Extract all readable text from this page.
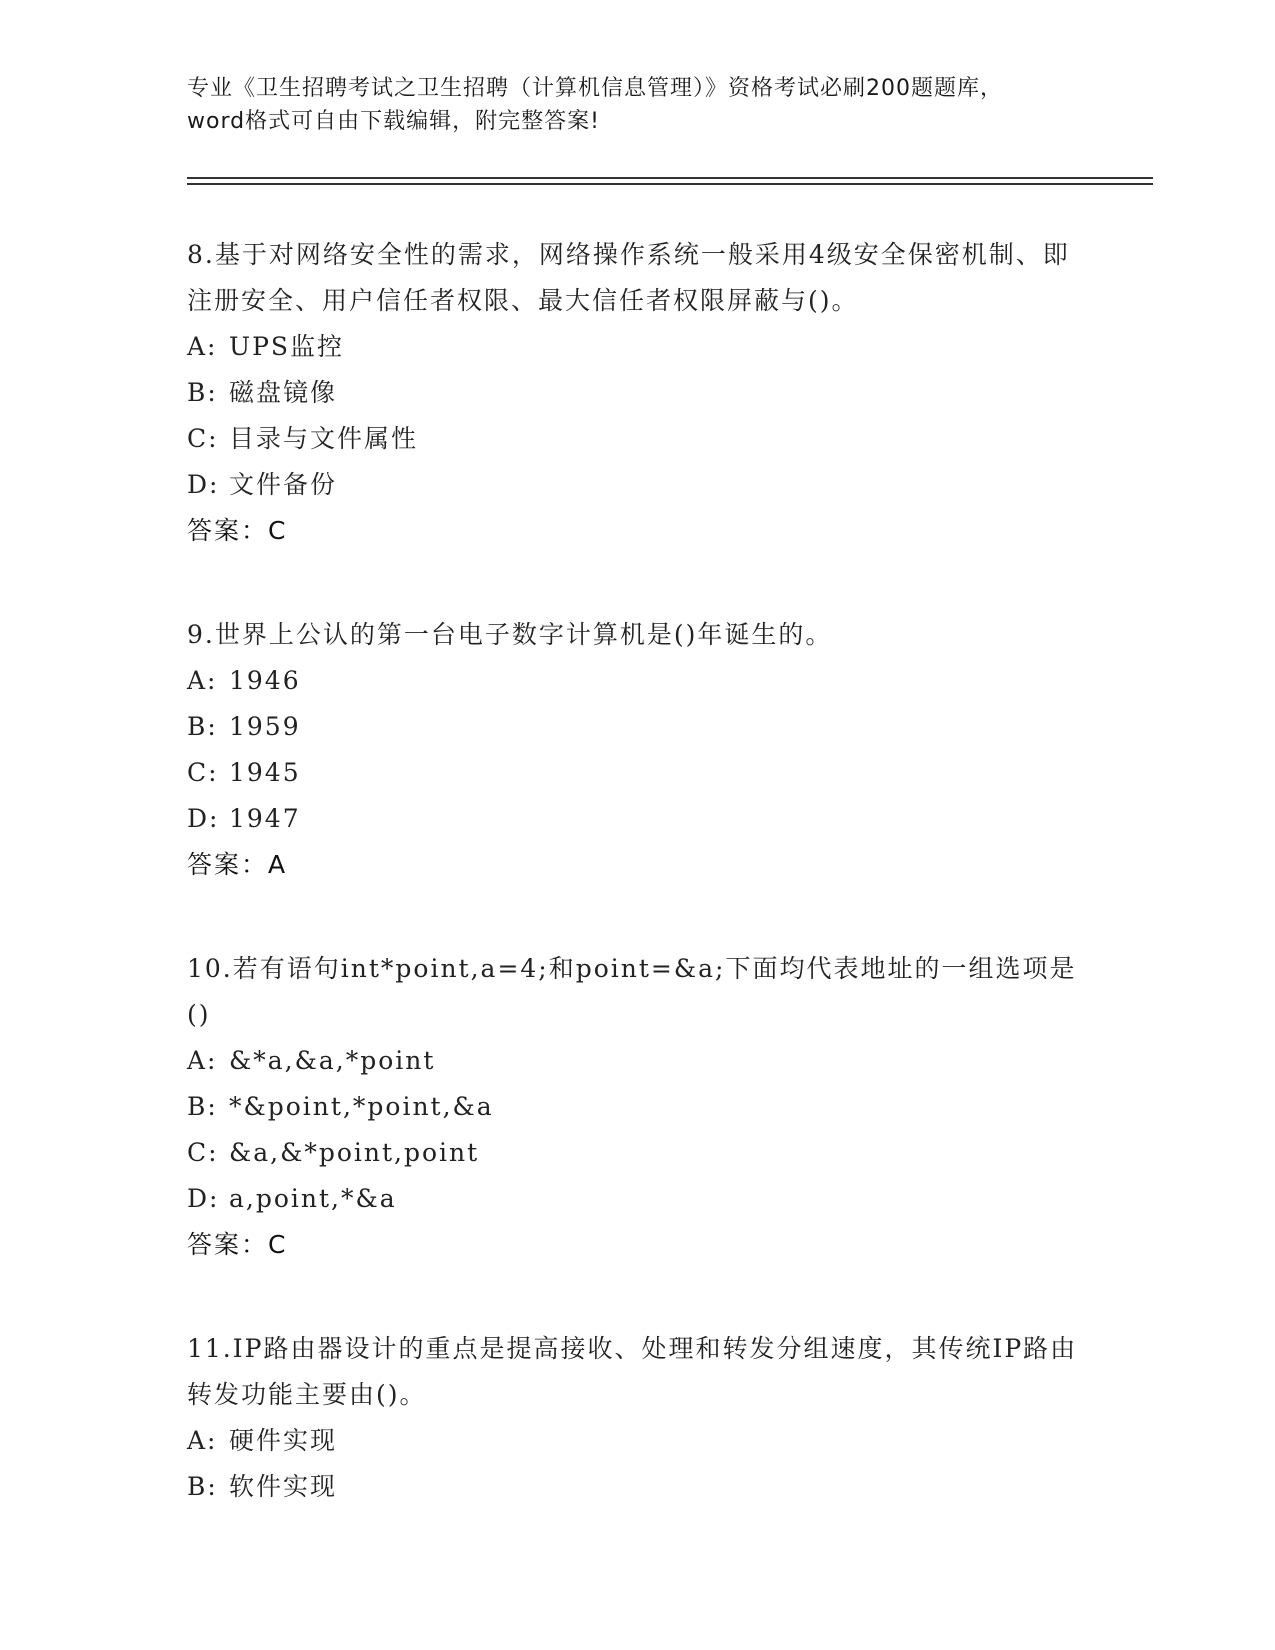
专业《卫生招聘考试之卫生招聘（计算机信息管理）》资格考试必刷200题题库，
word格式可自由下载编辑，附完整答案!

8.基于对网络安全性的需求，网络操作系统一般采用4级安全保密机制、即注册安全、用户信任者权限、最大信任者权限屏蔽与()。

A: UPS监控

B: 磁盘镜像

C: 目录与文件属性

D: 文件备份

答案：C

9.世界上公认的第一台电子数字计算机是()年诞生的。

A: 1946

B: 1959

C: 1945

D: 1947

答案：A

10.若有语句int*point,a=4;和point=&a;下面均代表地址的一组选项是()

A: &*a,&a,*point

B: *&point,*point,&a

C: &a,&*point,point

D: a,point,*&a

答案：C

11.IP路由器设计的重点是提高接收、处理和转发分组速度，其传统IP路由转发功能主要由()。

A: 硬件实现

B: 软件实现
